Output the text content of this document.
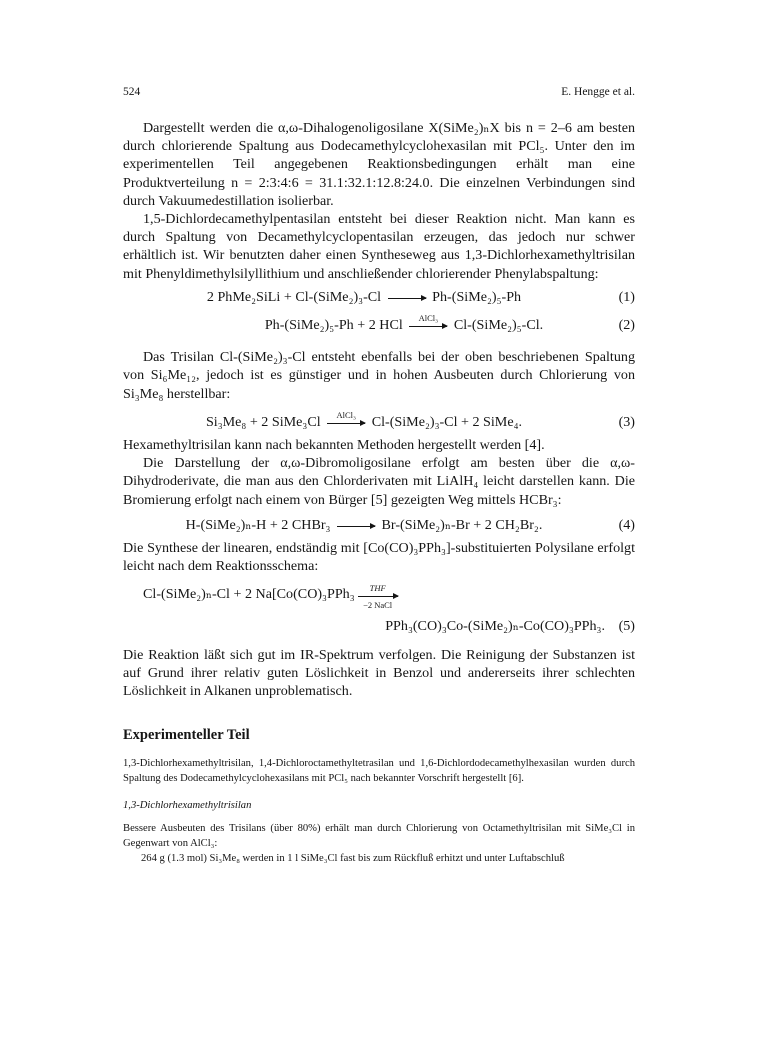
524	E. Hengge et al.

Dargestellt werden die α,ω-Dihalogenoligosilane X(SiMe₂)ₙX bis n = 2–6 am besten durch chlorierende Spaltung aus Dodecamethylcyclohexasilan mit PCl₅. Unter den im experimentellen Teil angegebenen Reaktionsbedingungen erhält man eine Produktverteilung n = 2:3:4:6 = 31.1:32.1:12.8:24.0. Die einzelnen Verbindungen sind durch Vakuumedestillation isolierbar.

1,5-Dichlordecamethylpentasilan entsteht bei dieser Reaktion nicht. Man kann es durch Spaltung von Decamethylcyclopentasilan erzeugen, das jedoch nur schwer erhältlich ist. Wir benutzten daher einen Syntheseweg aus 1,3-Dichlorhexamethyltrisilan mit Phenyldimethylsilyllithium und anschließender chlorierender Phenylabspaltung:

2 PhMe₂SiLi + Cl-(SiMe₂)₃-Cl	Ph-(SiMe₂)₅-Ph	(1)
Ph-(SiMe₂)₅-Ph + 2 HCl	AlCl₃	Cl-(SiMe₂)₅-Cl.	(2)

Das Trisilan Cl-(SiMe₂)₃-Cl entsteht ebenfalls bei der oben beschriebenen Spaltung von Si₆Me₁₂, jedoch ist es günstiger und in hohen Ausbeuten durch Chlorierung von Si₃Me₈ herstellbar:

Si₃Me₈ + 2 SiMe₃Cl	AlCl₃	Cl-(SiMe₂)₃-Cl + 2 SiMe₄.	(3)

Hexamethyltrisilan kann nach bekannten Methoden hergestellt werden [4].

Die Darstellung der α,ω-Dibromoligosilane erfolgt am besten über die α,ω-Dihydroderivate, die man aus den Chlorderivaten mit LiAlH₄ leicht darstellen kann. Die Bromierung erfolgt nach einem von Bürger [5] gezeigten Weg mittels HCBr₃:

H-(SiMe₂)ₙ-H + 2 CHBr₃	Br-(SiMe₂)ₙ-Br + 2 CH₂Br₂.	(4)

Die Synthese der linearen, endständig mit [Co(CO)₃PPh₃]-substituierten Polysilane erfolgt leicht nach dem Reaktionsschema:

Cl-(SiMe₂)ₙ-Cl + 2 Na[Co(CO)₃PPh₃	THF
−2 NaCl
PPh₃(CO)₃Co-(SiMe₂)ₙ-Co(CO)₃PPh₃. (5)

Die Reaktion läßt sich gut im IR-Spektrum verfolgen. Die Reinigung der Substanzen ist auf Grund ihrer relativ guten Löslichkeit in Benzol und andererseits ihrer schlechten Löslichkeit in Alkanen unproblematisch.

Experimenteller Teil

1,3-Dichlorhexamethyltrisilan, 1,4-Dichloroctamethyltetrasilan und 1,6-Dichlordodecamethylhexasilan wurden durch Spaltung des Dodecamethylcyclohexasilans mit PCl₅ nach bekannter Vorschrift hergestellt [6].

1,3-Dichlorhexamethyltrisilan

Bessere Ausbeuten des Trisilans (über 80%) erhält man durch Chlorierung von Octamethyltrisilan mit SiMe₃Cl in Gegenwart von AlCl₃:

264 g (1.3 mol) Si₃Me₈ werden in 1 l SiMe₃Cl fast bis zum Rückfluß erhitzt und unter Luftabschluß
